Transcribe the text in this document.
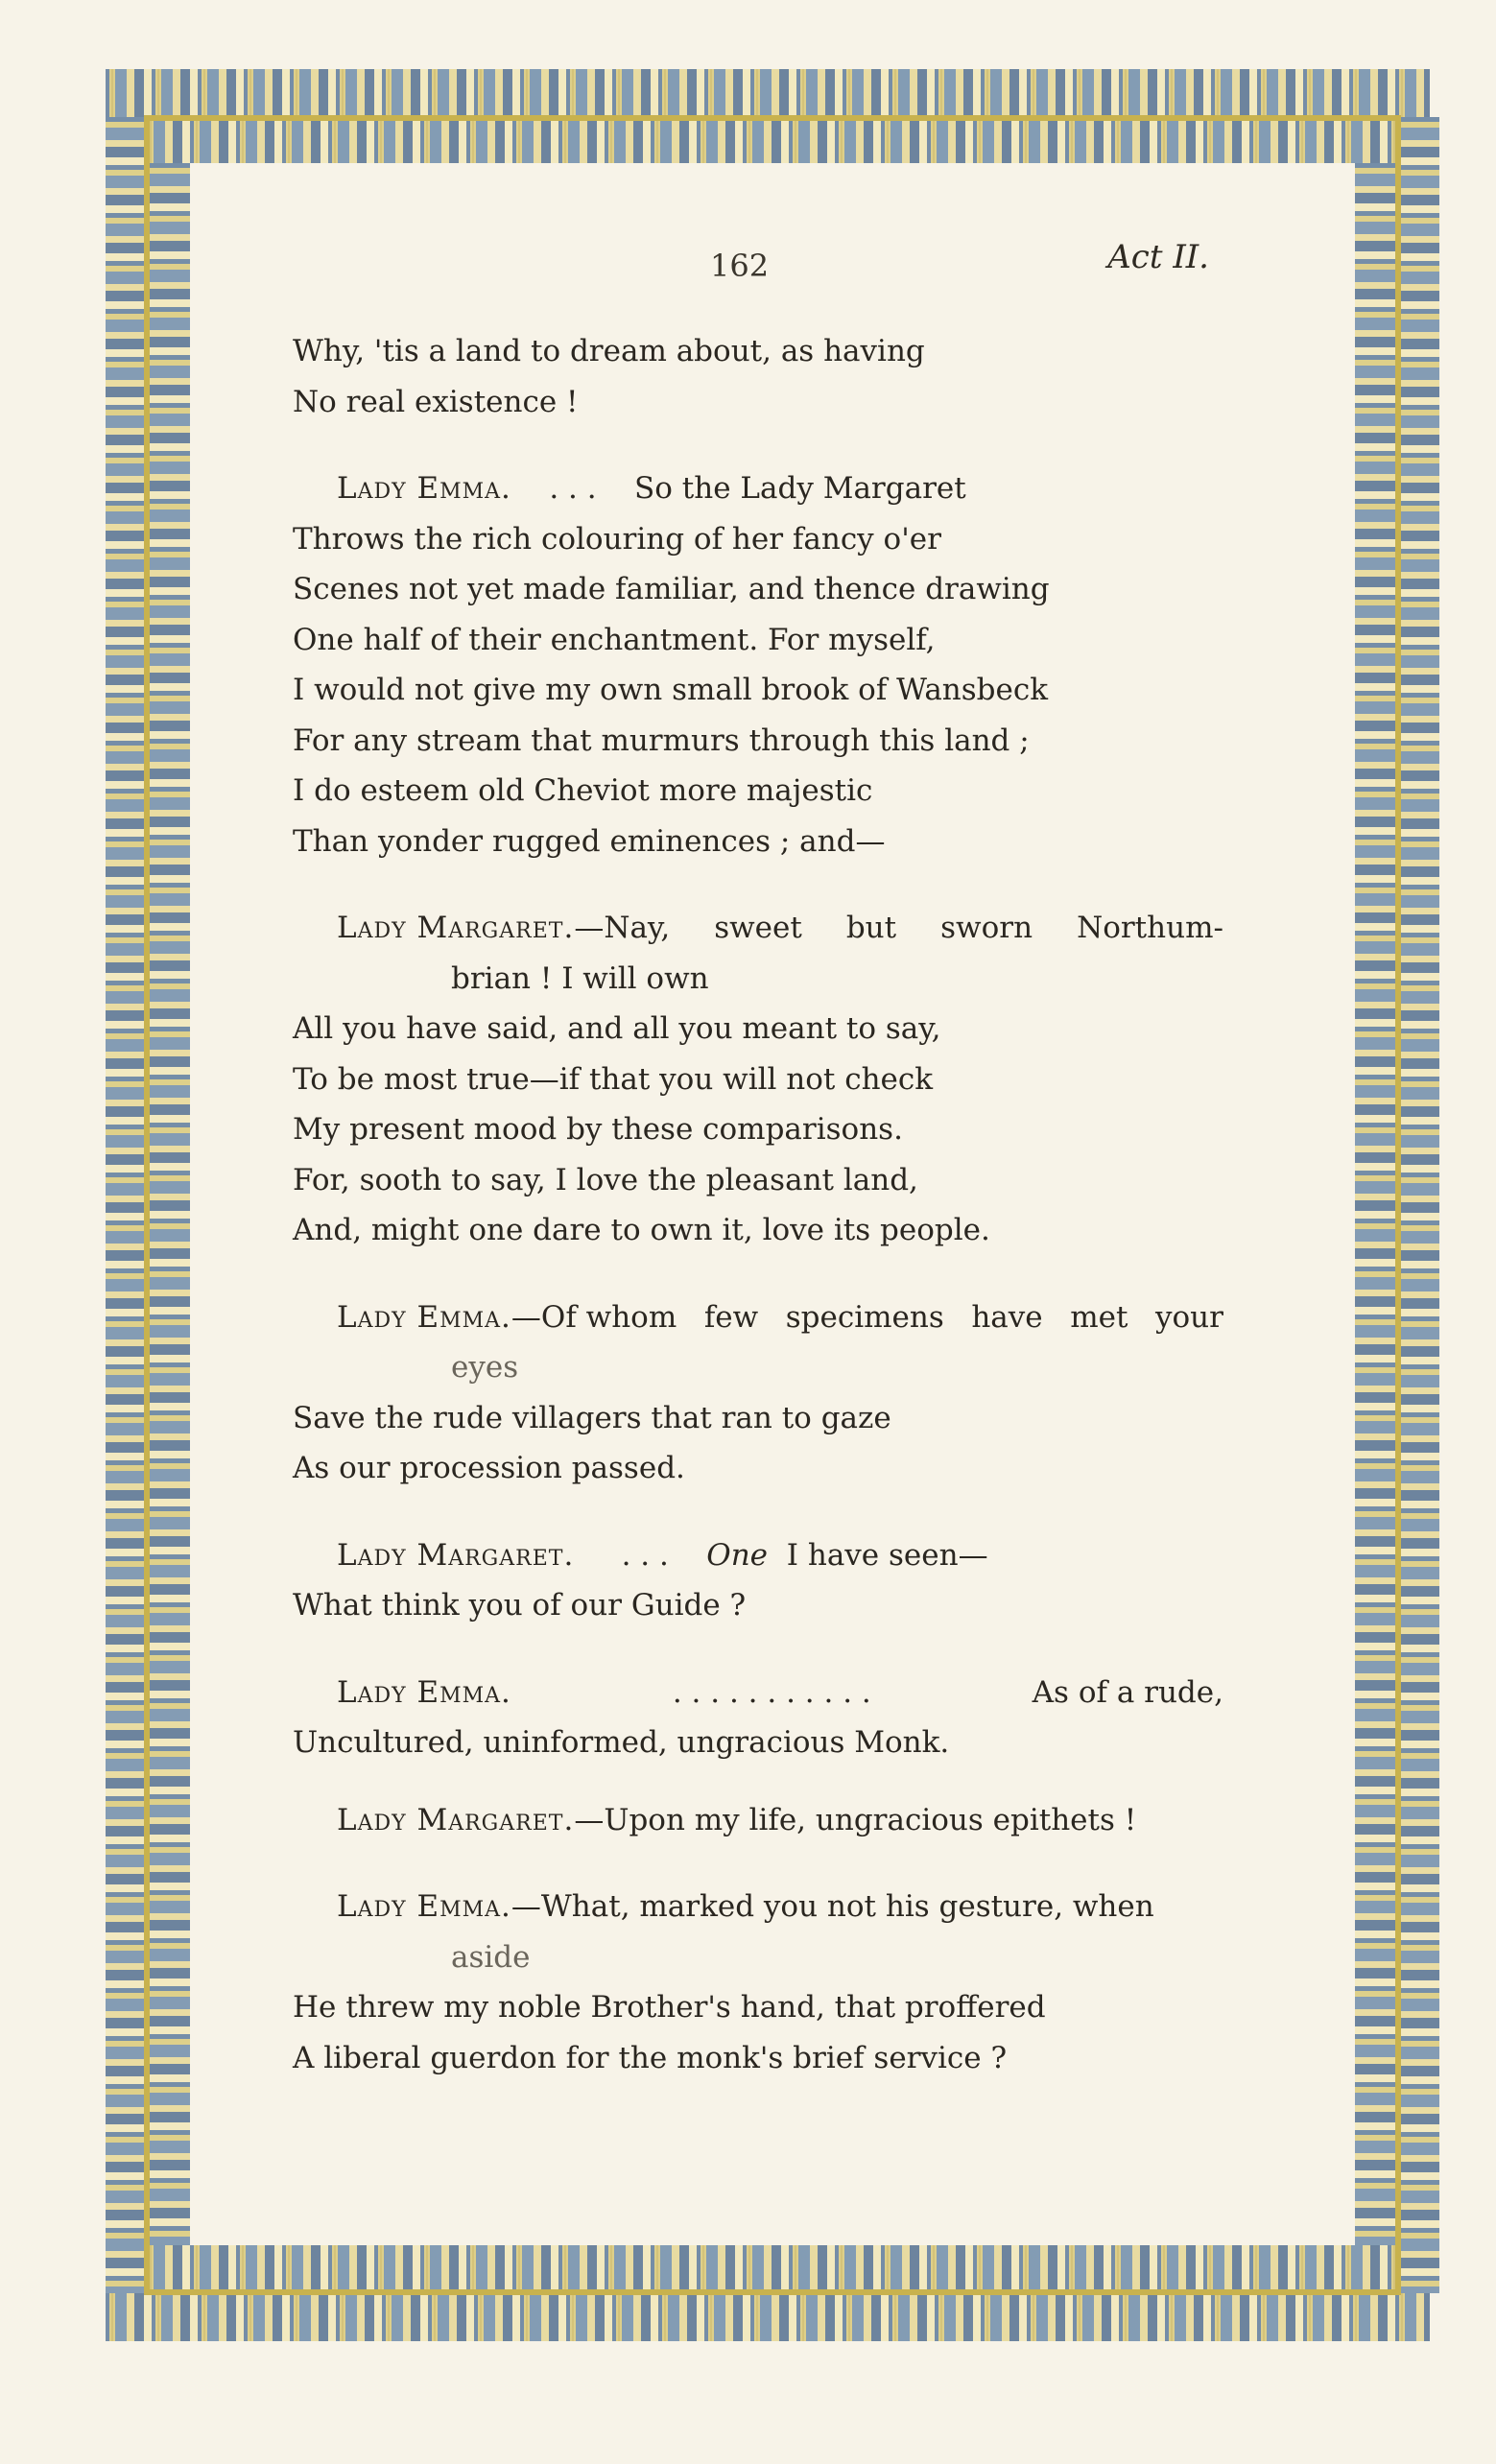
162	Act II.
Why, 'tis a land to dream about, as having
No real existence !
Lady Emma. . . . So the Lady Margaret
Throws the rich colouring of her fancy o'er
Scenes not yet made familiar, and thence drawing
One half of their enchantment. For myself,
I would not give my own small brook of Wansbeck
For any stream that murmurs through this land ;
I do esteem old Cheviot more majestic
Than yonder rugged eminences ; and—
Lady Margaret.—Nay, sweet but sworn Northum-
brian ! I will own
All you have said, and all you meant to say,
To be most true—if that you will not check
My present mood by these comparisons.
For, sooth to say, I love the pleasant land,
And, might one dare to own it, love its people.
Lady Emma.—Of whom few specimens have met your
eyes
Save the rude villagers that ran to gaze
As our procession passed.
Lady Margaret. . . . One I have seen—
What think you of our Guide ?
Lady Emma.	. . . . . . . . . . .	As of a rude,
Uncultured, uninformed, ungracious Monk.
Lady Margaret.—Upon my life, ungracious epithets !
Lady Emma.—What, marked you not his gesture, when
aside
He threw my noble Brother's hand, that proffered
A liberal guerdon for the monk's brief service ?
